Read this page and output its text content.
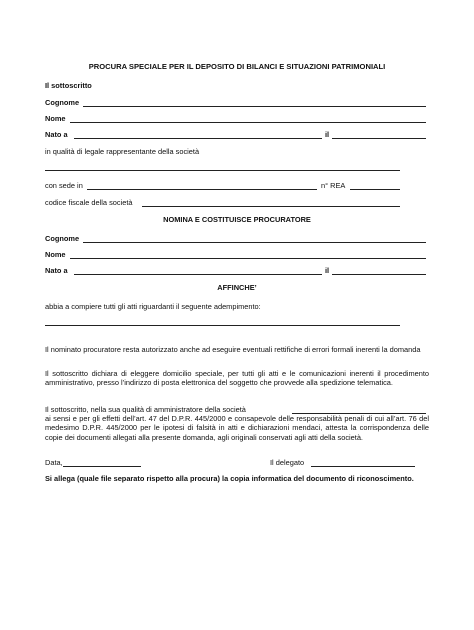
PROCURA SPECIALE PER IL DEPOSITO DI BILANCI E SITUAZIONI PATRIMONIALI
Il sottoscritto
Cognome
Nome
Nato a	il
in qualità di legale rappresentante della società
con sede in	n° REA
codice fiscale della società
NOMINA E COSTITUISCE PROCURATORE
Cognome
Nome
Nato a	il
AFFINCHE’
abbia a compiere tutti gli atti riguardanti il seguente adempimento:
Il nominato procuratore resta autorizzato anche ad eseguire eventuali rettifiche di errori formali inerenti la domanda
Il sottoscritto dichiara di eleggere domicilio speciale, per tutti gli atti e le comunicazioni inerenti il procedimento amministrativo, presso l’indirizzo di posta elettronica del soggetto che provvede alla spedizione telematica.
Il sottoscritto, nella sua qualità di amministratore della società
ai sensi e per gli effetti dell’art. 47 del D.P.R. 445/2000 e consapevole delle responsabilità penali di cui all’art. 76 del medesimo D.P.R. 445/2000 per le ipotesi di falsità in atti e dichiarazioni mendaci, attesta la corrispondenza delle copie dei documenti allegati alla presente domanda, agli originali conservati agli atti della società.
Data,	Il delegato
Si allega (quale file separato rispetto alla procura) la copia informatica del documento di riconoscimento.
